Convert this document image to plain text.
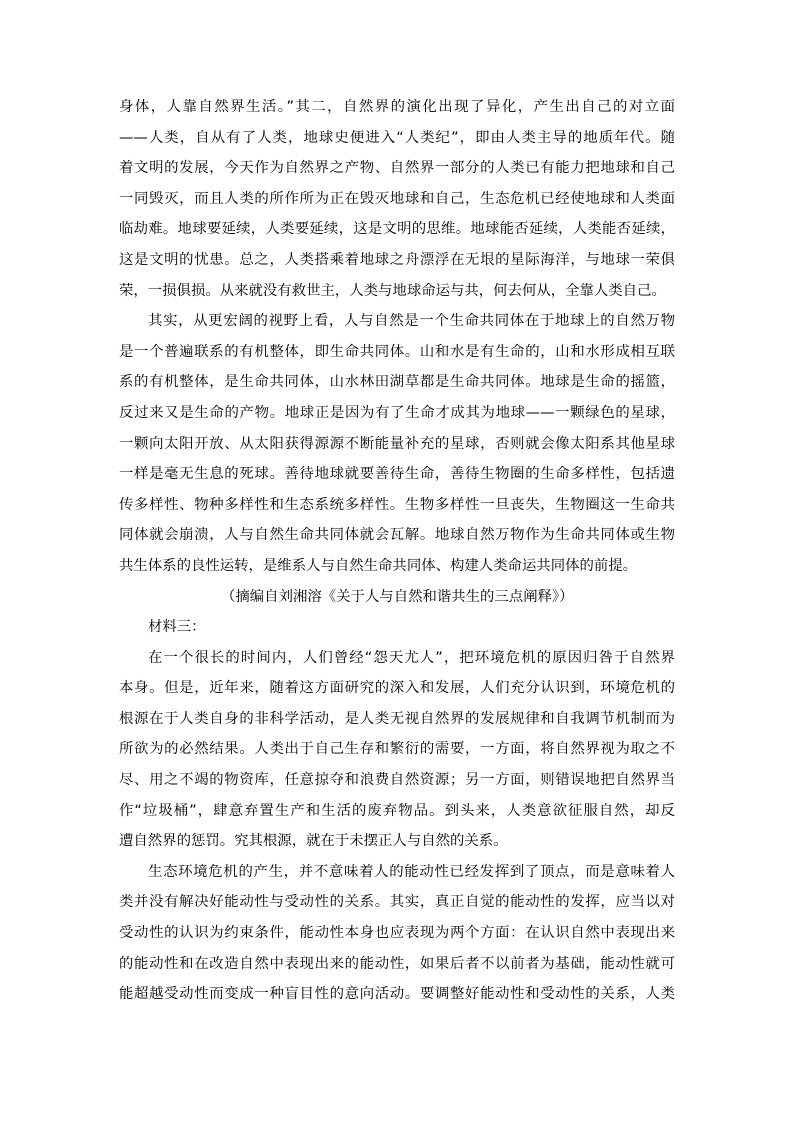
身体，人靠自然界生活。”其二，自然界的演化出现了异化，产生出自己的对立面
——人类，自从有了人类，地球史便进入“人类纪”，即由人类主导的地质年代。随
着文明的发展，今天作为自然界之产物、自然界一部分的人类已有能力把地球和自己
一同毁灭，而且人类的所作所为正在毁灭地球和自己，生态危机已经使地球和人类面
临劫难。地球要延续，人类要延续，这是文明的思维。地球能否延续，人类能否延续，
这是文明的忧患。总之，人类搭乘着地球之舟漂浮在无垠的星际海洋，与地球一荣俱
荣，一损俱损。从来就没有救世主，人类与地球命运与共，何去何从，全靠人类自己。

其实，从更宏阔的视野上看，人与自然是一个生命共同体在于地球上的自然万物
是一个普遍联系的有机整体，即生命共同体。山和水是有生命的，山和水形成相互联
系的有机整体，是生命共同体，山水林田湖草都是生命共同体。地球是生命的摇篮，
反过来又是生命的产物。地球正是因为有了生命才成其为地球——一颗绿色的星球，
一颗向太阳开放、从太阳获得源源不断能量补充的星球，否则就会像太阳系其他星球
一样是毫无生息的死球。善待地球就要善待生命，善待生物圈的生命多样性，包括遗
传多样性、物种多样性和生态系统多样性。生物多样性一旦丧失，生物圈这一生命共
同体就会崩溃，人与自然生命共同体就会瓦解。地球自然万物作为生命共同体或生物
共生体系的良性运转，是维系人与自然生命共同体、构建人类命运共同体的前提。

（摘编自刘湘溶《关于人与自然和谐共生的三点阐释》）
材料三：

在一个很长的时间内，人们曾经“怨天尤人”，把环境危机的原因归咎于自然界
本身。但是，近年来，随着这方面研究的深入和发展，人们充分认识到，环境危机的
根源在于人类自身的非科学活动，是人类无视自然界的发展规律和自我调节机制而为
所欲为的必然结果。人类出于自己生存和繁衍的需要，一方面，将自然界视为取之不
尽、用之不竭的物资库，任意掠夺和浪费自然资源；另一方面，则错误地把自然界当
作“垃圾桶”，肆意弃置生产和生活的废弃物品。到头来，人类意欲征服自然，却反
遭自然界的惩罚。究其根源，就在于未摆正人与自然的关系。

生态环境危机的产生，并不意味着人的能动性已经发挥到了顶点，而是意味着人
类并没有解决好能动性与受动性的关系。其实，真正自觉的能动性的发挥，应当以对
受动性的认识为约束条件，能动性本身也应表现为两个方面：在认识自然中表现出来
的能动性和在改造自然中表现出来的能动性，如果后者不以前者为基础，能动性就可
能超越受动性而变成一种盲目性的意向活动。要调整好能动性和受动性的关系，人类
